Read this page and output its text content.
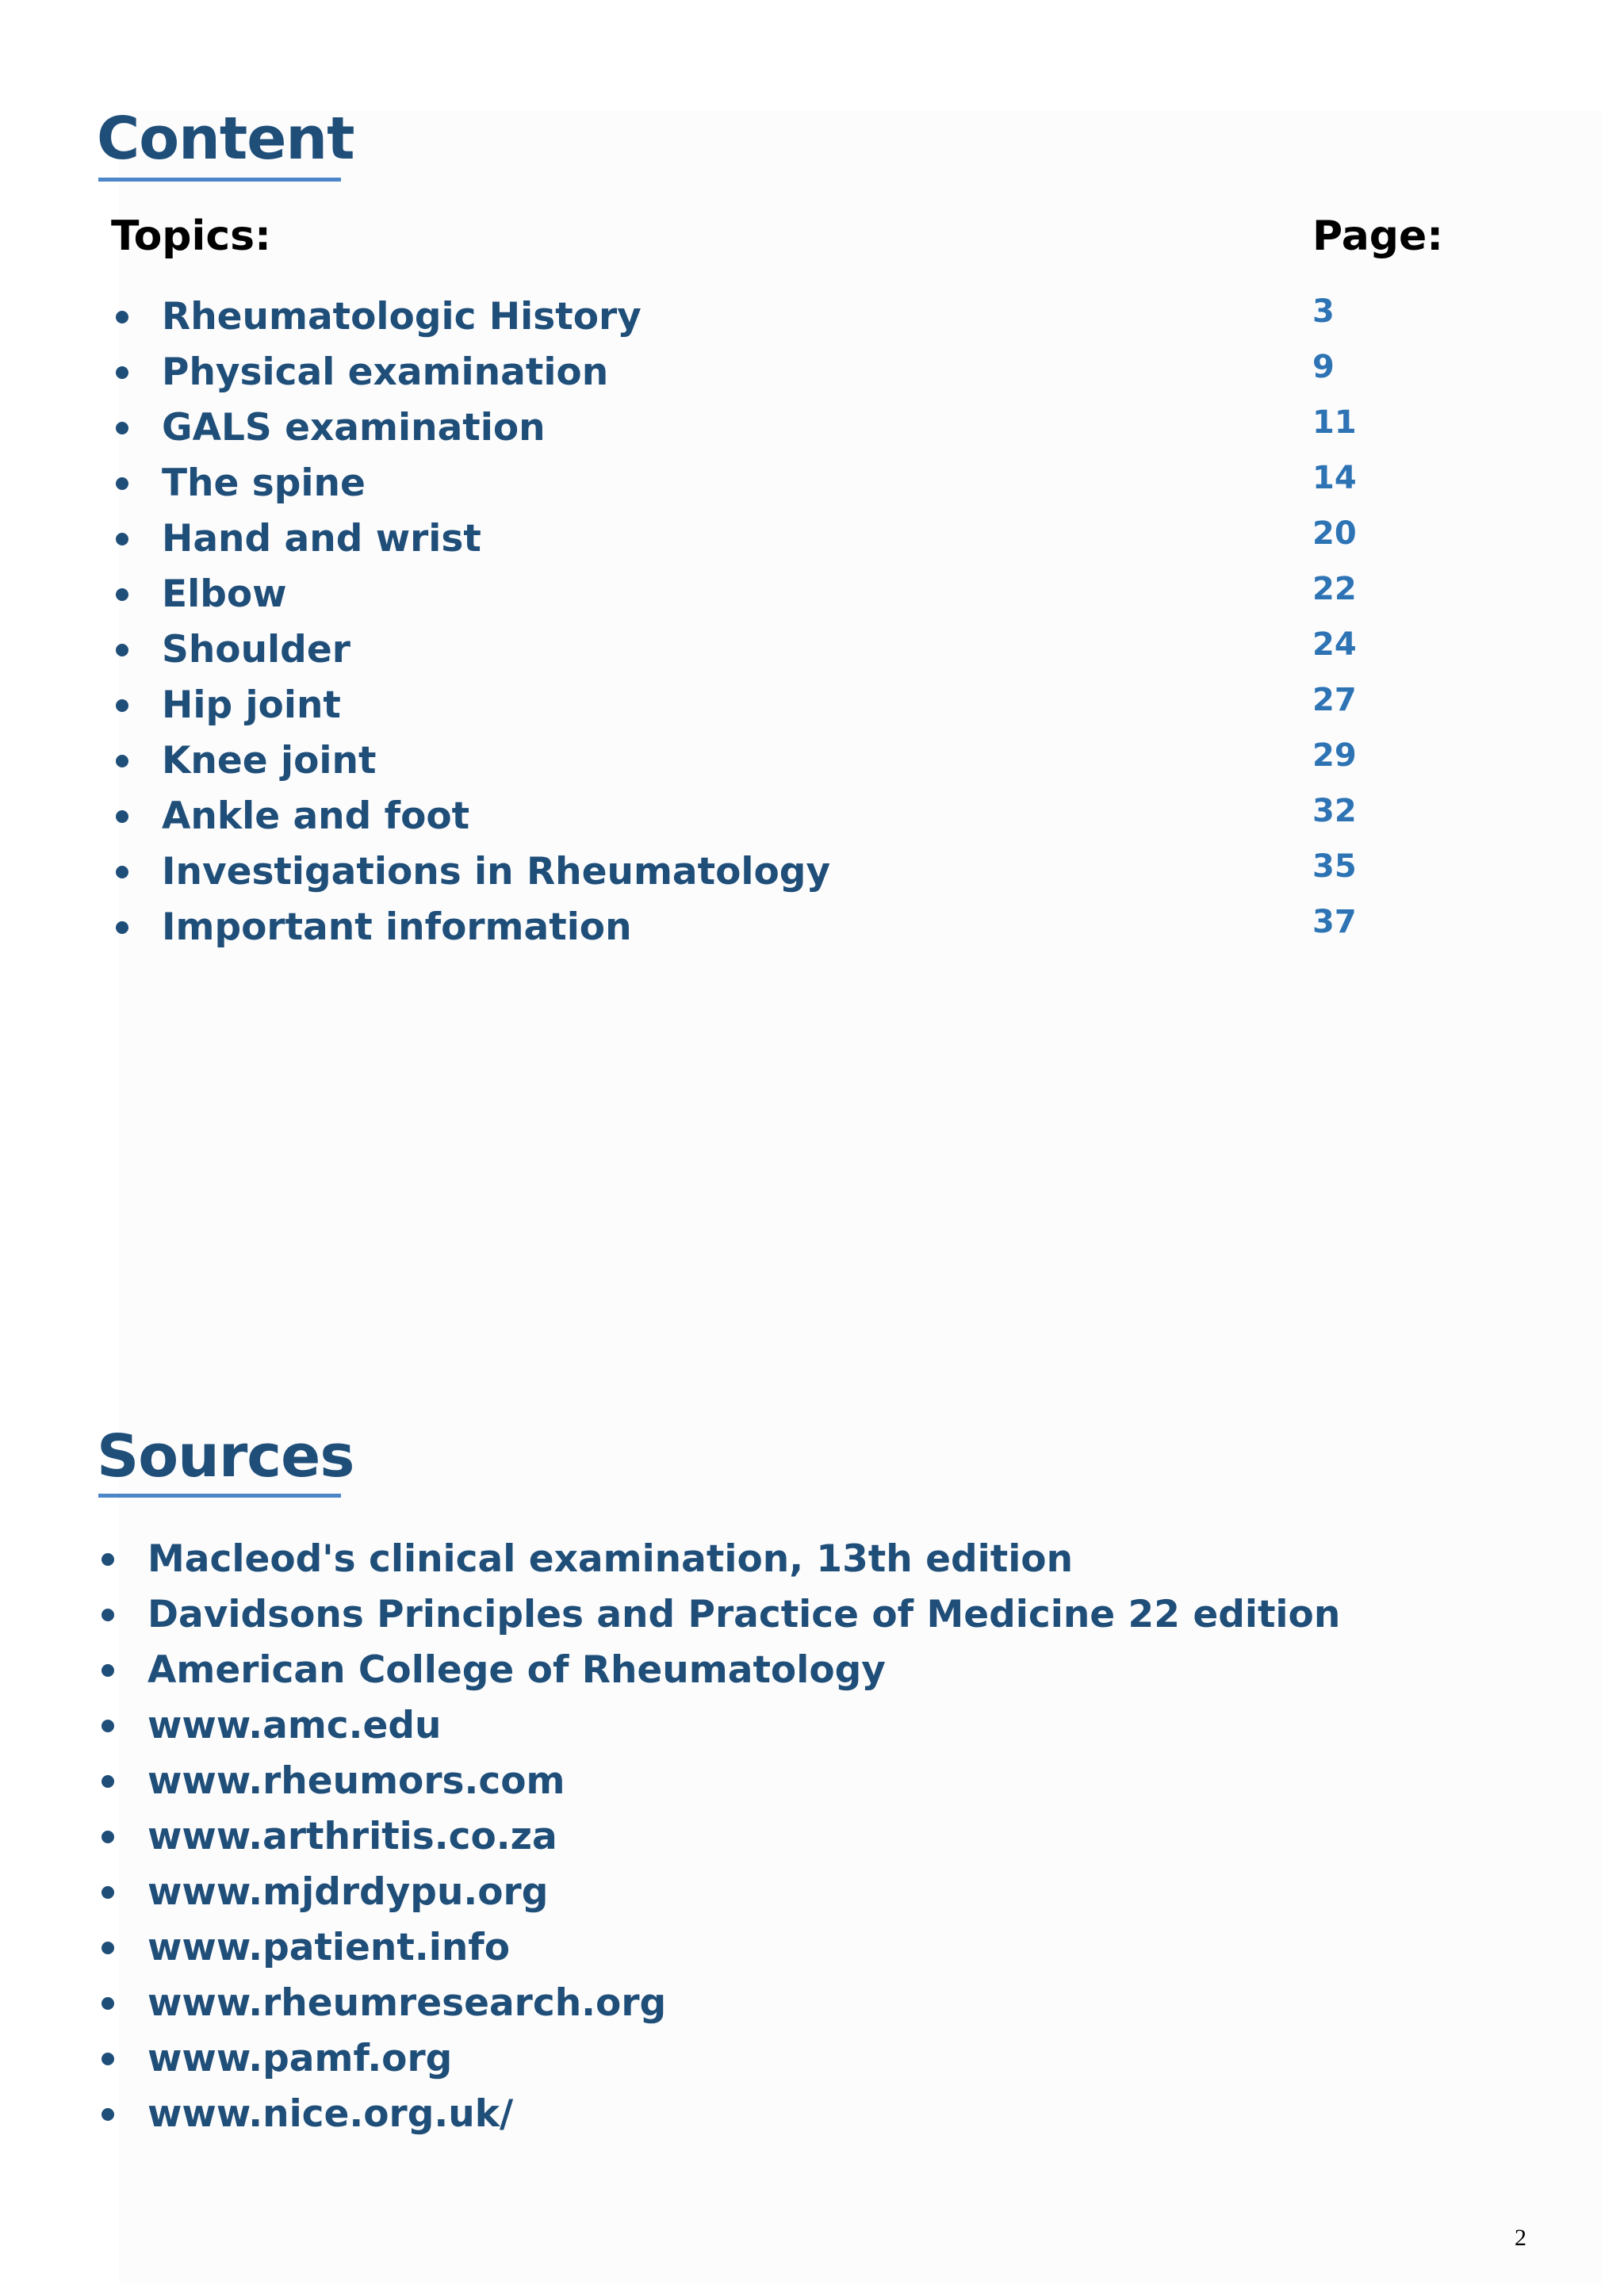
Content
Topics:	Page:
Rheumatologic History
Physical examination
GALS examination
The spine
Hand and wrist
Elbow
Shoulder
Hip joint
Knee joint
Ankle and foot
Investigations in Rheumatology
Important information
3
9
11
14
20
22
24
27
29
32
35
37
Sources
Macleod's clinical examination, 13th edition
Davidsons Principles and Practice of Medicine 22 edition
American College of Rheumatology
www.amc.edu
www.rheumors.com
www.arthritis.co.za
www.mjdrdypu.org
www.patient.info
www.rheumresearch.org
www.pamf.org
www.nice.org.uk/
2
